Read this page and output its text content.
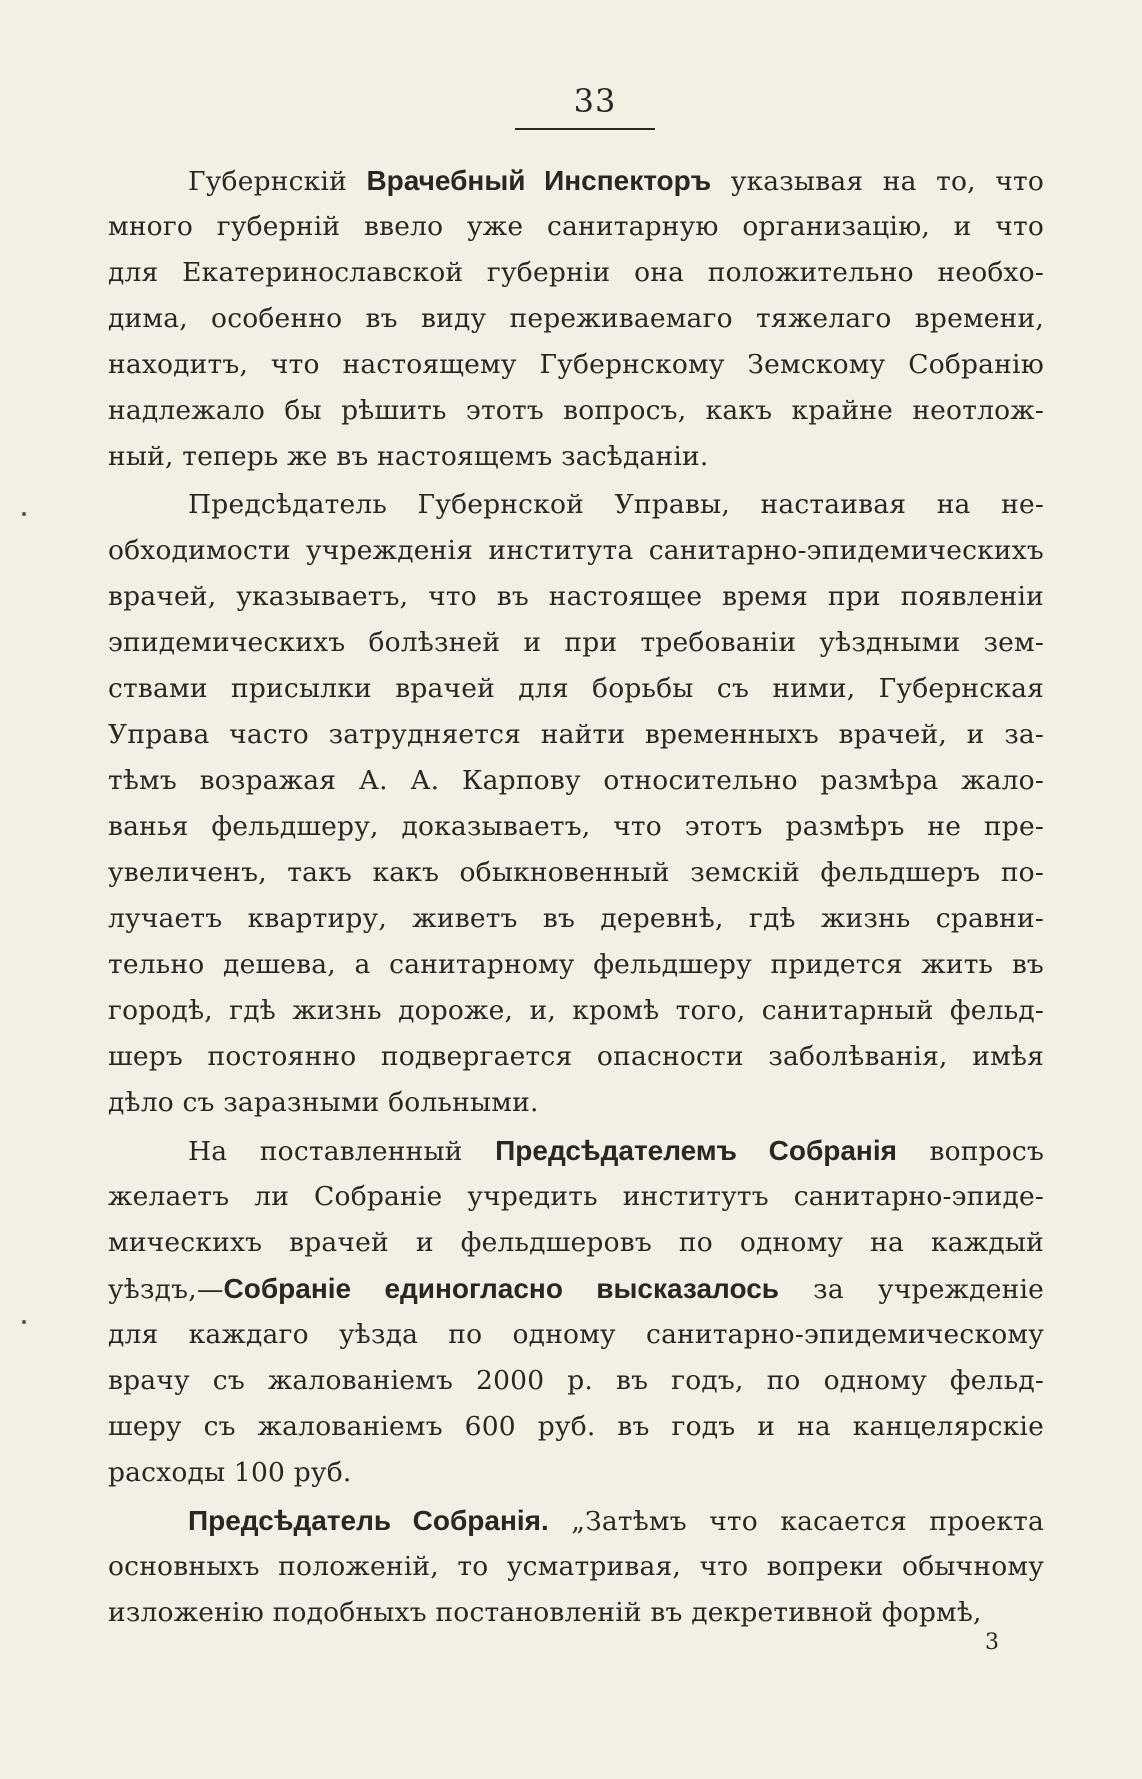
33
Губернскій Врачебный Инспекторъ указывая на то, что
много губерній ввело уже санитарную организацію, и что
для Екатеринославской губерніи она положительно необхо-
дима, особенно въ виду переживаемаго тяжелаго времени,
находитъ, что настоящему Губернскому Земскому Собранію
надлежало бы рѣшить этотъ вопросъ, какъ крайне неотлож-
ный, теперь же въ настоящемъ засѣданіи.
Предсѣдатель Губернской Управы, настаивая на не-
обходимости учрежденія института санитарно-эпидемическихъ
врачей, указываетъ, что въ настоящее время при появленіи
эпидемическихъ болѣзней и при требованіи уѣздными зем-
ствами присылки врачей для борьбы съ ними, Губернская
Управа часто затрудняется найти временныхъ врачей, и за-
тѣмъ возражая А. А. Карпову относительно размѣра жало-
ванья фельдшеру, доказываетъ, что этотъ размѣръ не пре-
увеличенъ, такъ какъ обыкновенный земскій фельдшеръ по-
лучаетъ квартиру, живетъ въ деревнѣ, гдѣ жизнь сравни-
тельно дешева, а санитарному фельдшеру придется жить въ
городѣ, гдѣ жизнь дороже, и, кромѣ того, санитарный фельд-
шеръ постоянно подвергается опасности заболѣванія, имѣя
дѣло съ заразными больными.
На поставленный Предсѣдателемъ Собранія вопросъ
желаетъ ли Собраніе учредить институтъ санитарно-эпиде-
мическихъ врачей и фельдшеровъ по одному на каждый
уѣздъ,—Собраніе единогласно высказалось за учрежденіе
для каждаго уѣзда по одному санитарно-эпидемическому
врачу съ жалованіемъ 2000 р. въ годъ, по одному фельд-
шеру съ жалованіемъ 600 руб. въ годъ и на канцелярскіе
расходы 100 руб.
Предсѣдатель Собранія. „Затѣмъ что касается проекта
основныхъ положеній, то усматривая, что вопреки обычному
изложенію подобныхъ постановленій въ декретивной формѣ,
3
